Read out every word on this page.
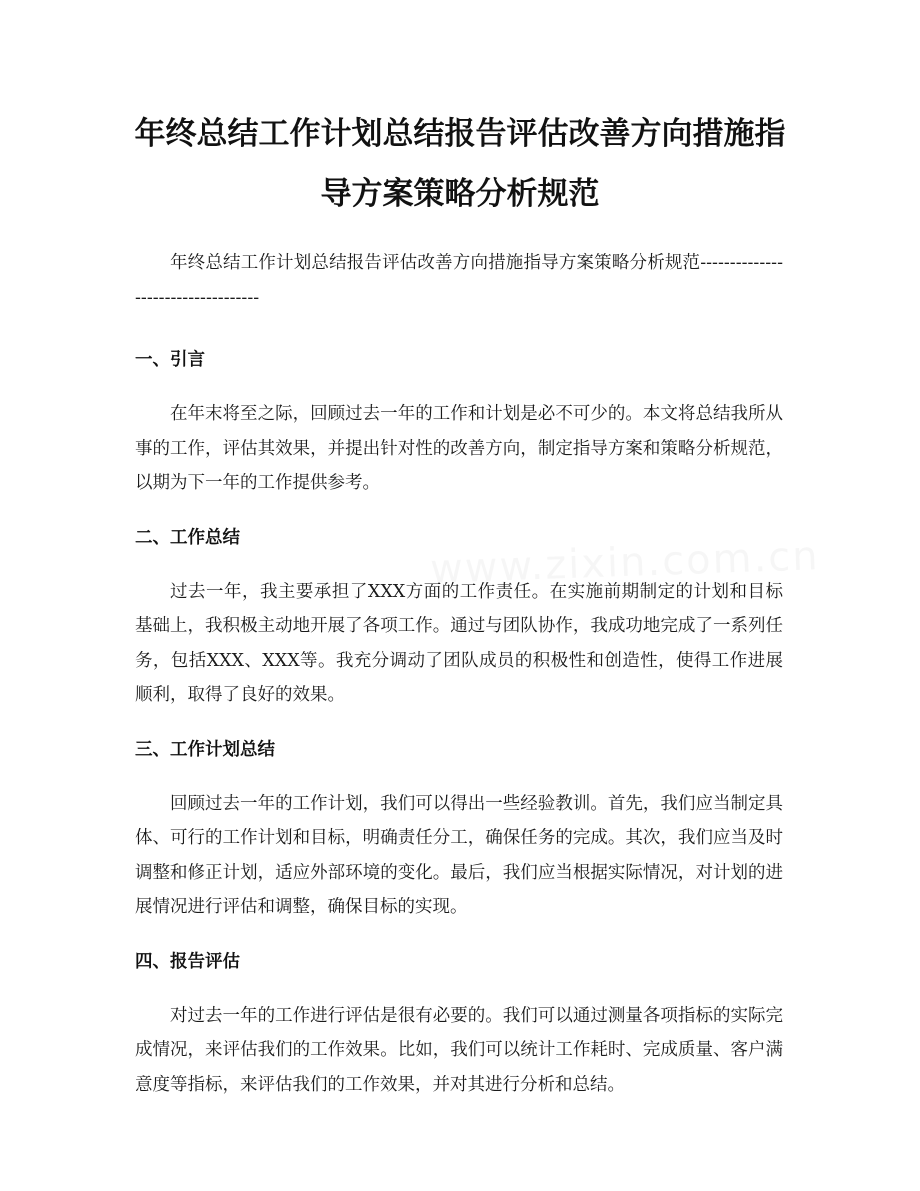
年终总结工作计划总结报告评估改善方向措施指导方案策略分析规范

年终总结工作计划总结报告评估改善方向措施指导方案策略分析规范-----------------------------------

一、引言

在年末将至之际，回顾过去一年的工作和计划是必不可少的。本文将总结我所从事的工作，评估其效果，并提出针对性的改善方向，制定指导方案和策略分析规范，以期为下一年的工作提供参考。

二、工作总结

过去一年，我主要承担了XXX方面的工作责任。在实施前期制定的计划和目标基础上，我积极主动地开展了各项工作。通过与团队协作，我成功地完成了一系列任务，包括XXX、XXX等。我充分调动了团队成员的积极性和创造性，使得工作进展顺利，取得了良好的效果。

三、工作计划总结

回顾过去一年的工作计划，我们可以得出一些经验教训。首先，我们应当制定具体、可行的工作计划和目标，明确责任分工，确保任务的完成。其次，我们应当及时调整和修正计划，适应外部环境的变化。最后，我们应当根据实际情况，对计划的进展情况进行评估和调整，确保目标的实现。

四、报告评估

对过去一年的工作进行评估是很有必要的。我们可以通过测量各项指标的实际完成情况，来评估我们的工作效果。比如，我们可以统计工作耗时、完成质量、客户满意度等指标，来评估我们的工作效果，并对其进行分析和总结。
